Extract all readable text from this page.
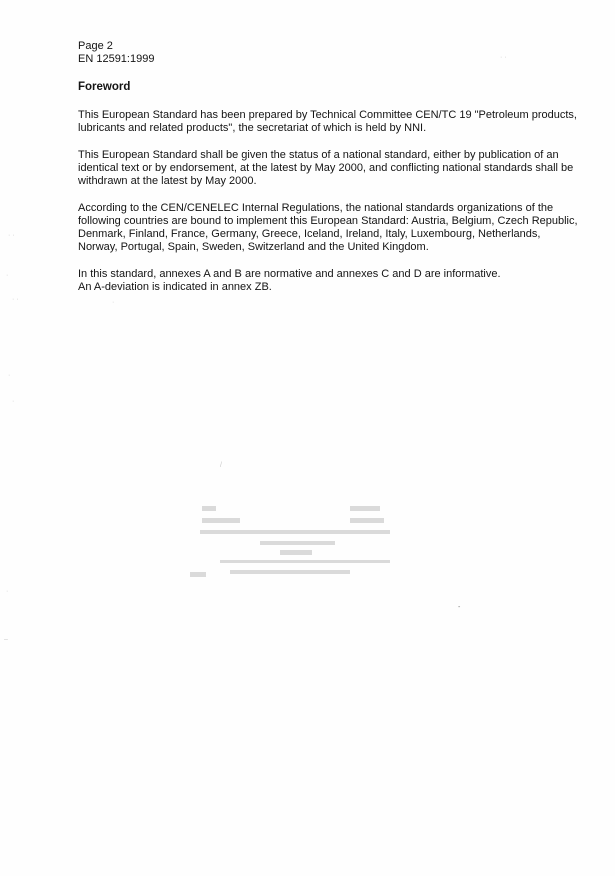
Page 2
EN 12591:1999
Foreword
This European Standard has been prepared by Technical Committee CEN/TC 19 "Petroleum products, lubricants and related products", the secretariat of which is held by NNI.
This European Standard shall be given the status of a national standard, either by publication of an identical text or by endorsement, at the latest by May 2000, and conflicting national standards shall be withdrawn at the latest by May 2000.
According to the CEN/CENELEC Internal Regulations, the national standards organizations of the following countries are bound to implement this European Standard: Austria, Belgium, Czech Republic, Denmark, Finland, France, Germany, Greece, Iceland, Ireland, Italy, Luxembourg, Netherlands, Norway, Portugal, Spain, Sweden, Switzerland and the United Kingdom.
In this standard, annexes A and B are normative and annexes C and D are informative.
An A-deviation is indicated in annex ZB.
· ·
·
· ·	·
·
·
·
–
-
/
· ·
